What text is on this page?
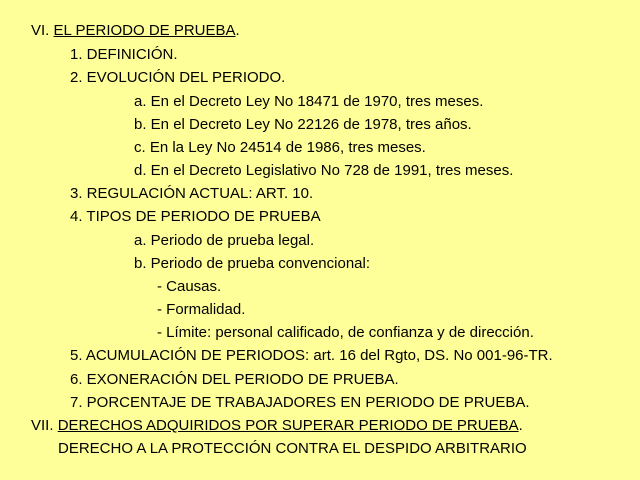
VI. EL PERIODO DE PRUEBA.
1. DEFINICIÓN.
2. EVOLUCIÓN DEL PERIODO.
a. En el Decreto Ley No 18471 de 1970, tres meses.
b. En el Decreto Ley No 22126 de 1978, tres años.
c. En la Ley No 24514 de 1986, tres meses.
d. En el Decreto Legislativo No 728 de 1991, tres meses.
3. REGULACIÓN ACTUAL: ART. 10.
4. TIPOS DE PERIODO DE PRUEBA
a. Periodo de prueba legal.
b. Periodo de prueba convencional:
- Causas.
- Formalidad.
- Límite: personal calificado, de confianza y de dirección.
5. ACUMULACIÓN DE PERIODOS: art. 16 del Rgto, DS. No 001-96-TR.
6. EXONERACIÓN DEL PERIODO DE PRUEBA.
7. PORCENTAJE DE TRABAJADORES EN PERIODO DE PRUEBA.
VII. DERECHOS ADQUIRIDOS POR SUPERAR PERIODO DE PRUEBA.
DERECHO A LA PROTECCIÓN CONTRA EL DESPIDO ARBITRARIO
